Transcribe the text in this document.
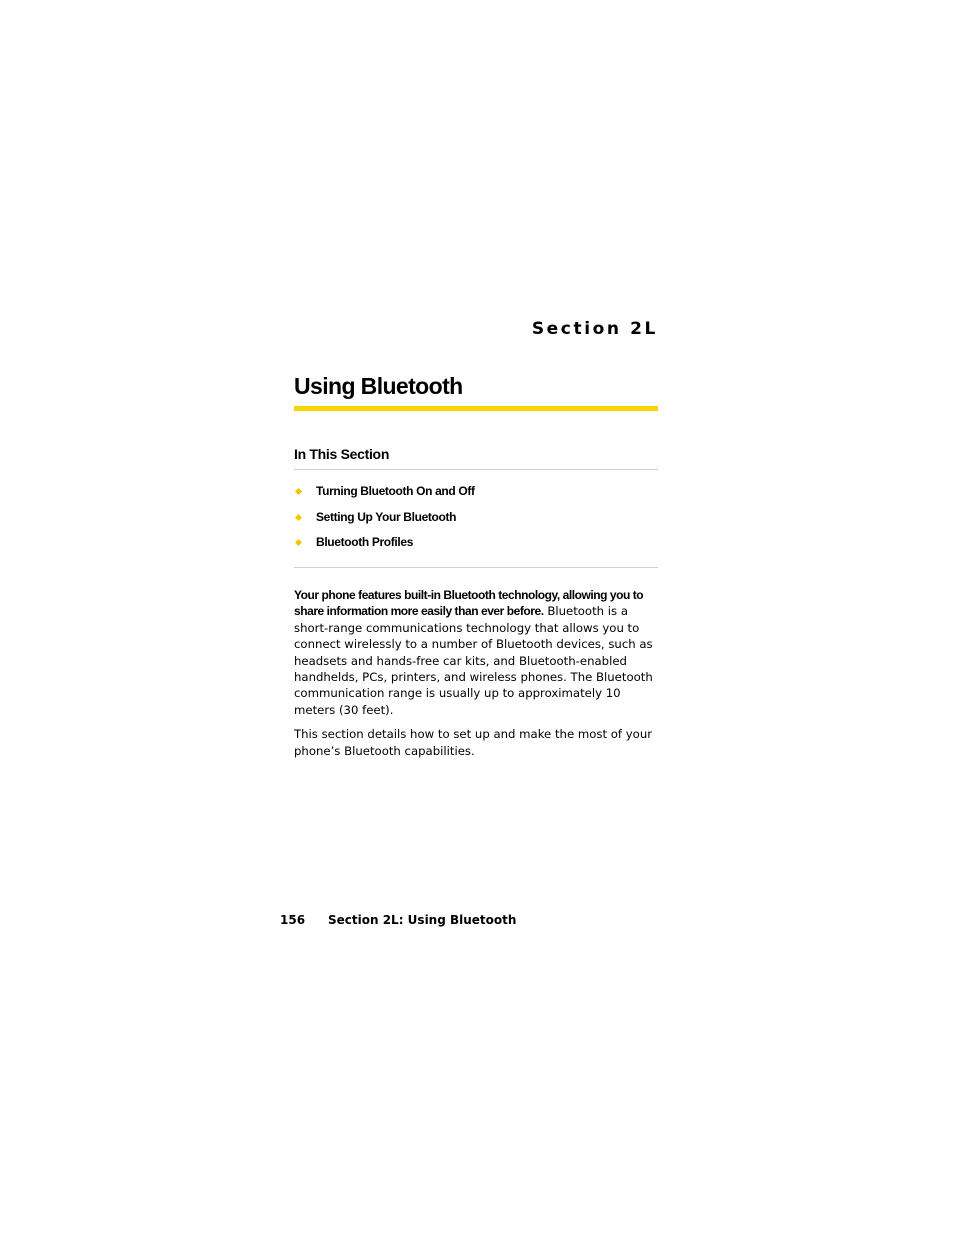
Section 2L
Using Bluetooth
In This Section
Turning Bluetooth On and Off
Setting Up Your Bluetooth
Bluetooth Profiles

Your phone features built-in Bluetooth technology, allowing you to share information more easily than ever before. Bluetooth is a short-range communications technology that allows you to connect wirelessly to a number of Bluetooth devices, such as headsets and hands-free car kits, and Bluetooth-enabled handhelds, PCs, printers, and wireless phones. The Bluetooth communication range is usually up to approximately 10 meters (30 feet).

This section details how to set up and make the most of your phone’s Bluetooth capabilities.

156 Section 2L: Using Bluetooth
